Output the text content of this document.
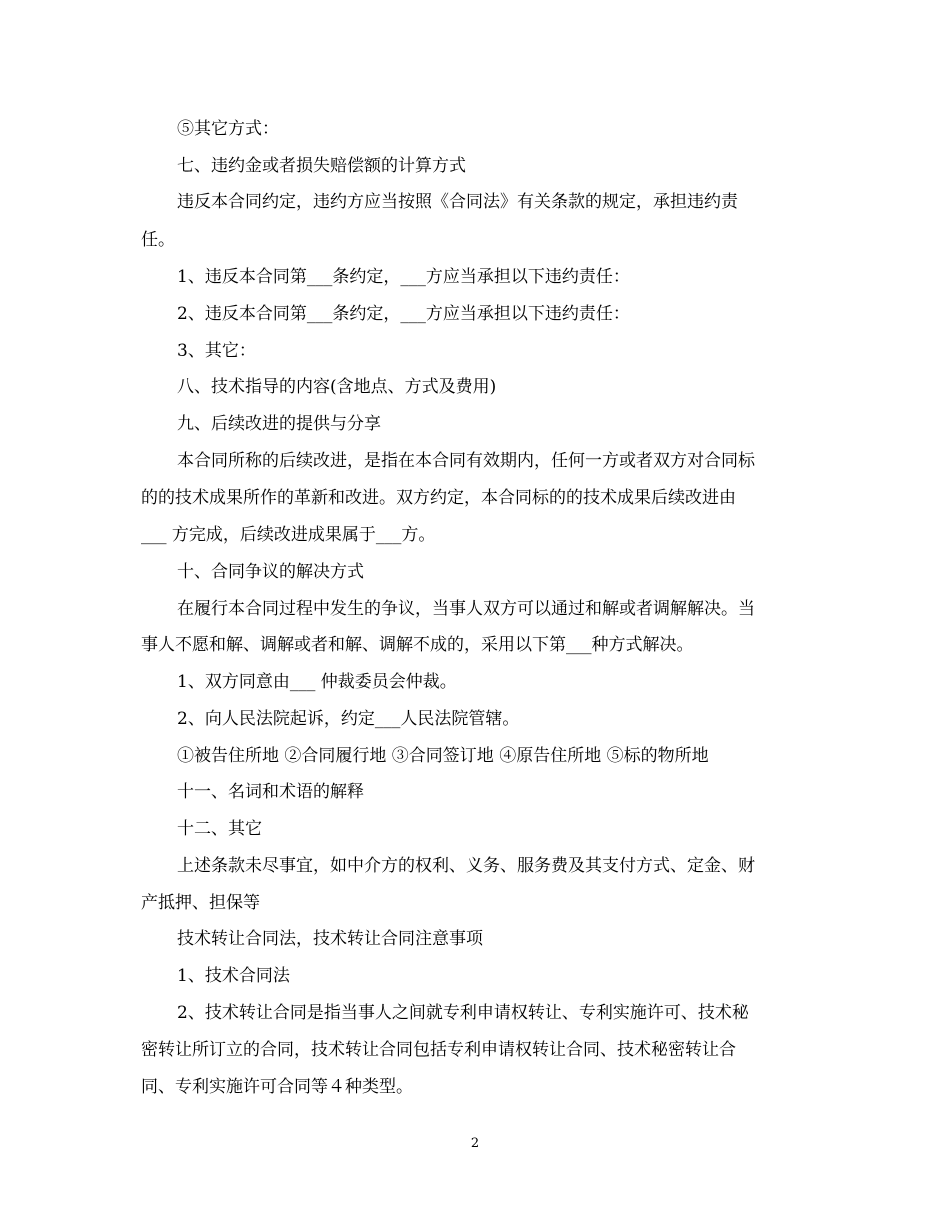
⑤其它方式：
七、违约金或者损失赔偿额的计算方式
违反本合同约定，违约方应当按照《合同法》有关条款的规定，承担违约责
任。
1、违反本合同第___条约定，___方应当承担以下违约责任：
2、违反本合同第___条约定，___方应当承担以下违约责任：
3、其它：
八、技术指导的内容(含地点、方式及费用)
九、后续改进的提供与分享
本合同所称的后续改进，是指在本合同有效期内，任何一方或者双方对合同标
的的技术成果所作的革新和改进。双方约定，本合同标的的技术成果后续改进由
___ 方完成，后续改进成果属于___方。
十、合同争议的解决方式
在履行本合同过程中发生的争议，当事人双方可以通过和解或者调解解决。当
事人不愿和解、调解或者和解、调解不成的，采用以下第___种方式解决。
1、双方同意由___ 仲裁委员会仲裁。
2、向人民法院起诉，约定___人民法院管辖。
①被告住所地 ②合同履行地 ③合同签订地 ④原告住所地 ⑤标的物所地
十一、名词和术语的解释
十二、其它
上述条款未尽事宜，如中介方的权利、义务、服务费及其支付方式、定金、财
产抵押、担保等
技术转让合同法，技术转让合同注意事项
1、技术合同法
2、技术转让合同是指当事人之间就专利申请权转让、专利实施许可、技术秘
密转让所订立的合同，技术转让合同包括专利申请权转让合同、技术秘密转让合
同、专利实施许可合同等４种类型。
2
